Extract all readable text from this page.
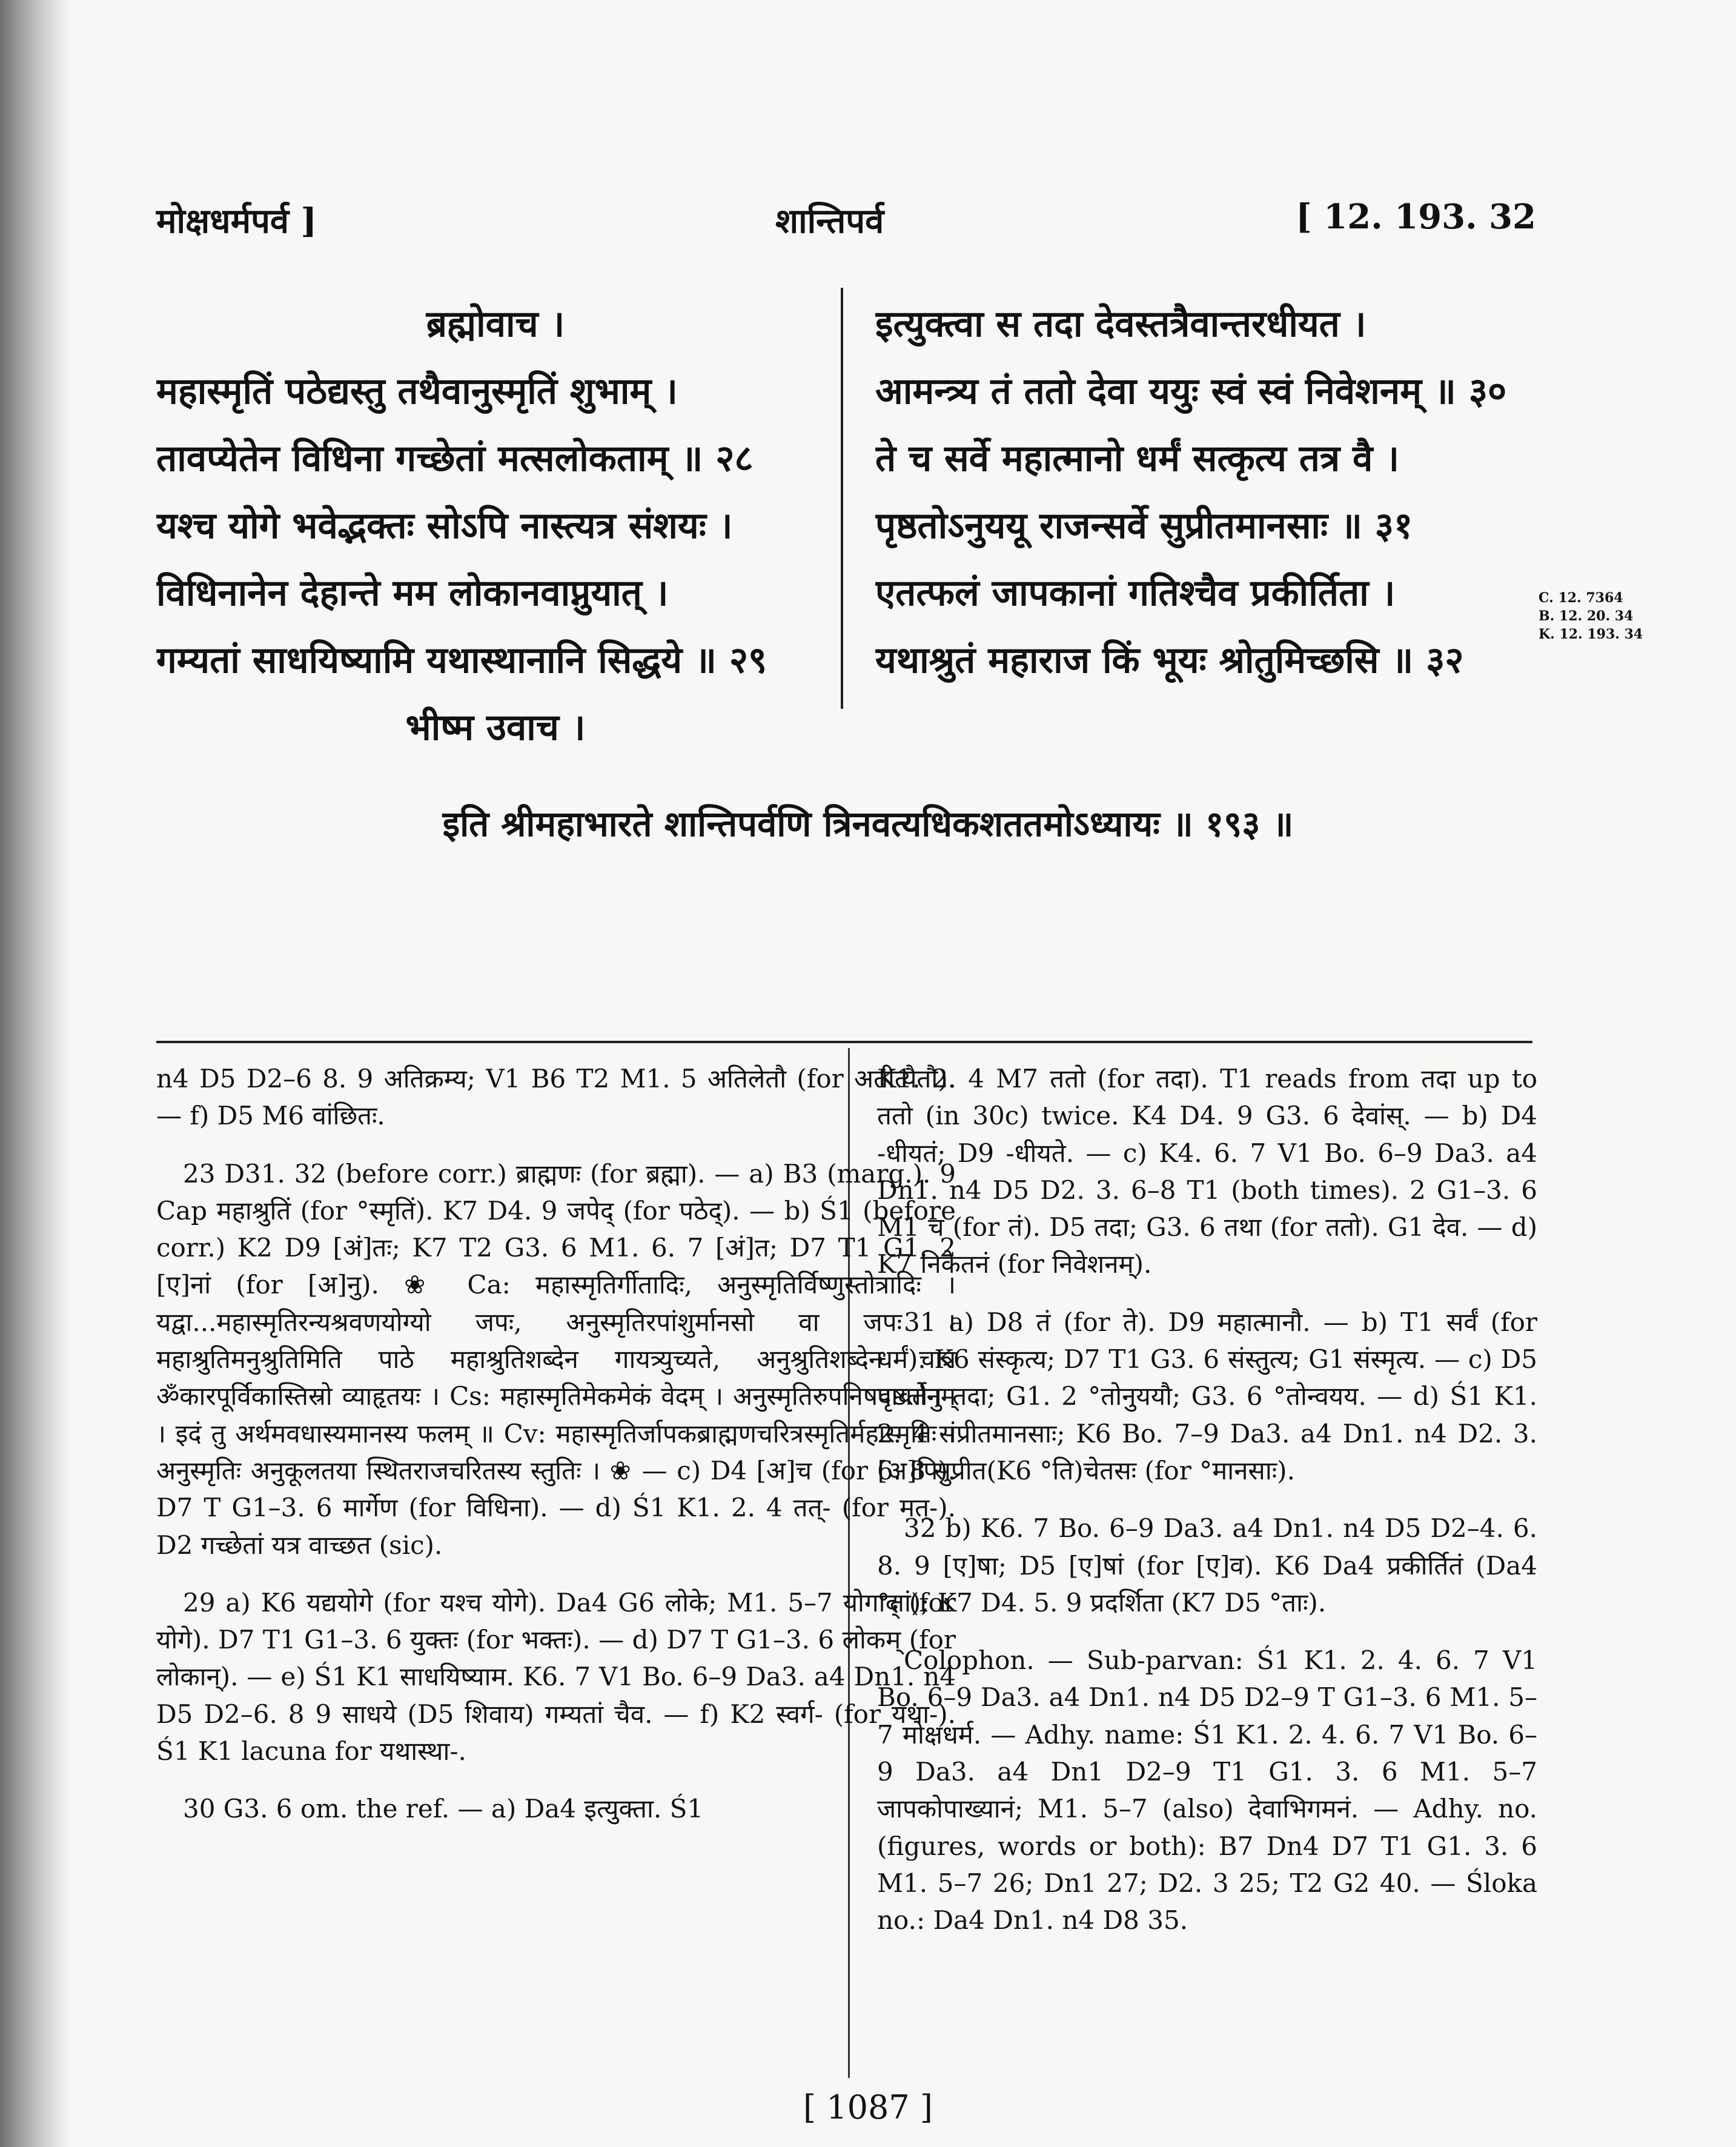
मोक्षधर्मपर्व ]	शान्तिपर्व	[ 12. 193. 32
ब्रह्मोवाच ।
महास्मृतिं पठेद्यस्तु तथैवानुस्मृतिं शुभाम् ।
तावप्येतेन विधिना गच्छेतां मत्सलोकताम् ॥ २८
यश्च योगे भवेद्भक्तः सोऽपि नास्त्यत्र संशयः ।
विधिनानेन देहान्ते मम लोकानवाप्नुयात् ।
गम्यतां साधयिष्यामि यथास्थानानि सिद्धये ॥ २९
भीष्म उवाच ।
इत्युक्त्वा स तदा देवस्तत्रैवान्तरधीयत ।
आमन्त्र्य तं ततो देवा ययुः स्वं स्वं निवेशनम् ॥ ३०
ते च सर्वे महात्मानो धर्मं सत्कृत्य तत्र वै ।
पृष्ठतोऽनुययू राजन्सर्वे सुप्रीतमानसाः ॥ ३१
एतत्फलं जापकानां गतिश्चैव प्रकीर्तिता ।
यथाश्रुतं महाराज किं भूयः श्रोतुमिच्छसि ॥ ३२
C. 12. 7364
B. 12. 20. 34
K. 12. 193. 34
इति श्रीमहाभारते शान्तिपर्वणि त्रिनवत्यधिकशततमोऽध्यायः ॥ १९३ ॥

n4 D5 D2–6 8. 9 अतिक्रम्य; V1 B6 T2 M1. 5 अतिलेतौ (for अतीत्यैतौ). — f) D5 M6 वांछितः.

23 D31. 32 (before corr.) ब्राह्मणः (for ब्रह्मा). — a) B3 (marg.). 9 Cap महाश्रुतिं (for °स्मृतिं). K7 D4. 9 जपेद् (for पठेद्). — b) Ś1 (before corr.) K2 D9 [अं]तः; K7 T2 G3. 6 M1. 6. 7 [अं]त; D7 T1 G1. 2 [ए]नां (for [अ]नु). ❀ Ca: महास्मृतिर्गीतादिः, अनुस्मृतिर्विष्णुस्तोत्रादिः । यद्वा...महास्मृतिरन्यश्रवणयोग्यो जपः, अनुस्मृतिरपांशुर्मानसो वा जपः । महाश्रुतिमनुश्रुतिमिति पाठे महाश्रुतिशब्देन गायत्र्युच्यते, अनुश्रुतिशब्देन चात्र ॐकारपूर्विकास्तिस्रो व्याहृतयः । Cs: महास्मृतिमेकमेकं वेदम् । अनुस्मृतिरुपनिषदावर्तनम् । इदं तु अर्थमवधास्यमानस्य फलम् ॥ Cv: महास्मृतिर्जापकब्राह्मणचरित्रस्मृतिर्महास्मृतिः । अनुस्मृतिः अनुकूलतया स्थितराजचरितस्य स्तुतिः । ❀ — c) D4 [अ]च (for [अ]पि). D7 T G1–3. 6 मार्गेण (for विधिना). — d) Ś1 K1. 2. 4 तत्- (for मत्-). D2 गच्छेतां यत्र वाच्छत (sic).

29 a) K6 यद्ययोगे (for यश्च योगे). Da4 G6 लोके; M1. 5–7 योगाद् (for योगे). D7 T1 G1–3. 6 युक्तः (for भक्तः). — d) D7 T G1–3. 6 लोकम् (for लोकान्). — e) Ś1 K1 साधयिष्याम. K6. 7 V1 Bo. 6–9 Da3. a4 Dn1. n4 D5 D2–6. 8 9 साधये (D5 शिवाय) गम्यतां चैव. — f) K2 स्वर्ग- (for यथा-). Ś1 K1 lacuna for यथास्था-.

30 G3. 6 om. the ref. — a) Da4 इत्युक्ता. Ś1

K1. 2. 4 M7 ततो (for तदा). T1 reads from तदा up to ततो (in 30c) twice. K4 D4. 9 G3. 6 देवांस्. — b) D4 -धीयतं; D9 -धीयते. — c) K4. 6. 7 V1 Bo. 6–9 Da3. a4 Dn1. n4 D5 D2. 3. 6–8 T1 (both times). 2 G1–3. 6 M1 च (for तं). D5 तदा; G3. 6 तथा (for ततो). G1 देव. — d) K7 निकेतनं (for निवेशनम्).

31 a) D8 तं (for ते). D9 महात्मानौ. — b) T1 सर्वं (for धर्मं). K6 संस्कृत्य; D7 T1 G3. 6 संस्तुत्य; G1 संस्मृत्य. — c) D5 पृष्ठतोनु तदा; G1. 2 °तोनुययौ; G3. 6 °तोन्वयय. — d) Ś1 K1. 2. 4 संप्रीतमानसाः; K6 Bo. 7–9 Da3. a4 Dn1. n4 D2. 3. 6. 8 सुप्रीत(K6 °ति)चेतसः (for °मानसाः).

32 b) K6. 7 Bo. 6–9 Da3. a4 Dn1. n4 D5 D2–4. 6. 8. 9 [ए]षा; D5 [ए]षां (for [ए]व). K6 Da4 प्रकीर्तितं (Da4 °तां); K7 D4. 5. 9 प्रदर्शिता (K7 D5 °ताः).

Colophon. — Sub-parvan: Ś1 K1. 2. 4. 6. 7 V1 Bo. 6–9 Da3. a4 Dn1. n4 D5 D2–9 T G1–3. 6 M1. 5–7 मोक्षधर्म. — Adhy. name: Ś1 K1. 2. 4. 6. 7 V1 Bo. 6–9 Da3. a4 Dn1 D2–9 T1 G1. 3. 6 M1. 5–7 जापकोपाख्यानं; M1. 5–7 (also) देवाभिगमनं. — Adhy. no. (figures, words or both): B7 Dn4 D7 T1 G1. 3. 6 M1. 5–7 26; Dn1 27; D2. 3 25; T2 G2 40. — Śloka no.: Da4 Dn1. n4 D8 35.

[ 1087 ]
